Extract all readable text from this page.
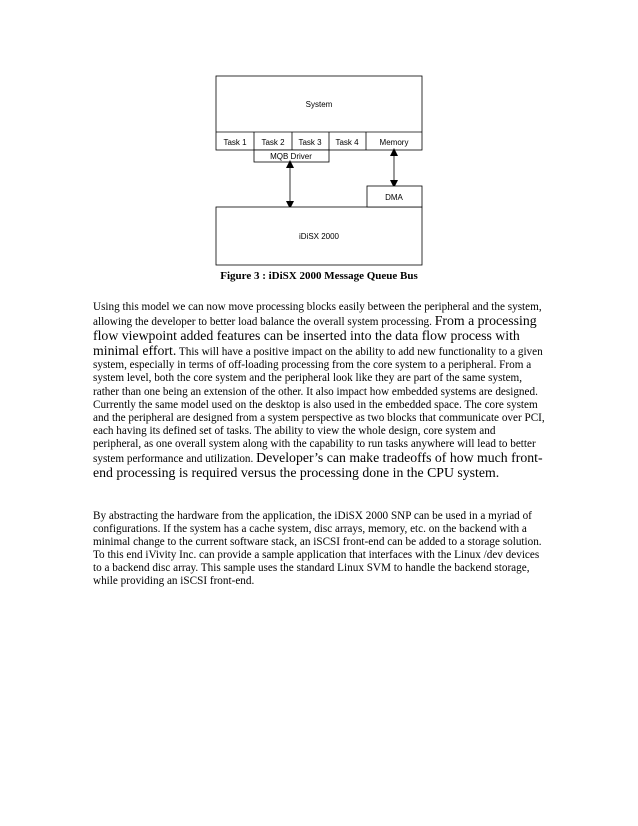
System
Task 1 Task 2 Task 3 Task 4	Memory
MQB Driver
iDiSX 2000
DMA
Figure 3 : iDiSX 2000 Message Queue Bus

Using this model we can now move processing blocks easily between the peripheral and the system, allowing the developer to better load balance the overall system processing. From a processing flow viewpoint added features can be inserted into the data flow process with minimal effort. This will have a positive impact on the ability to add new functionality to a given system, especially in terms of off-loading processing from the core system to a peripheral. From a system level, both the core system and the peripheral look like they are part of the same system, rather than one being an extension of the other. It also impact how embedded systems are designed. Currently the same model used on the desktop is also used in the embedded space. The core system and the peripheral are designed from a system perspective as two blocks that communicate over PCI, each having its defined set of tasks. The ability to view the whole design, core system and peripheral, as one overall system along with the capability to run tasks anywhere will lead to better system performance and utilization. Developer’s can make tradeoffs of how much front-end processing is required versus the processing done in the CPU system.

By abstracting the hardware from the application, the iDiSX 2000 SNP can be used in a myriad of configurations. If the system has a cache system, disc arrays, memory, etc. on the backend with a minimal change to the current software stack, an iSCSI front-end can be added to a storage solution. To this end iVivity Inc. can provide a sample application that interfaces with the Linux /dev devices to a backend disc array. This sample uses the standard Linux SVM to handle the backend storage, while providing an iSCSI front-end.
